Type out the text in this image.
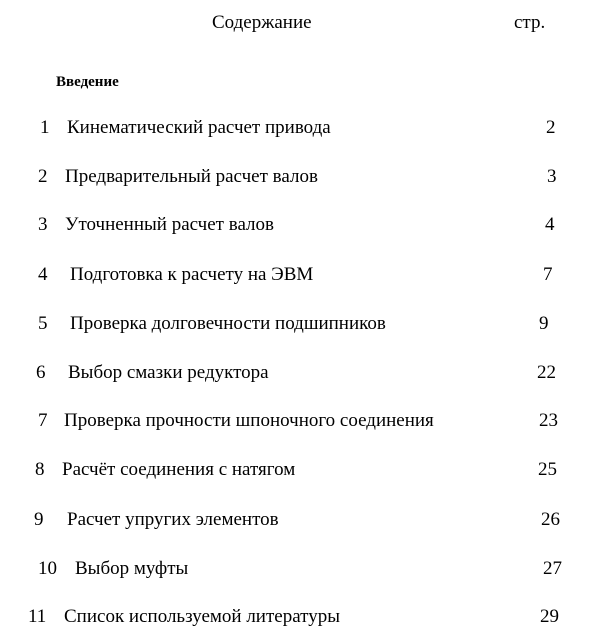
Содержание	стр.
Введение
1 Кинематический расчет привода	2
2 Предварительный расчет валов	3
3 Уточненный расчет валов	4
4 Подготовка к расчету на ЭВМ	7
5 Проверка долговечности подшипников	9
6 Выбор смазки редуктора	22
7 Проверка прочности шпоночного соединения	23
8 Расчёт соединения с натягом	25
9 Расчет упругих элементов	26
10 Выбор муфты	27
11 Список используемой литературы	29
